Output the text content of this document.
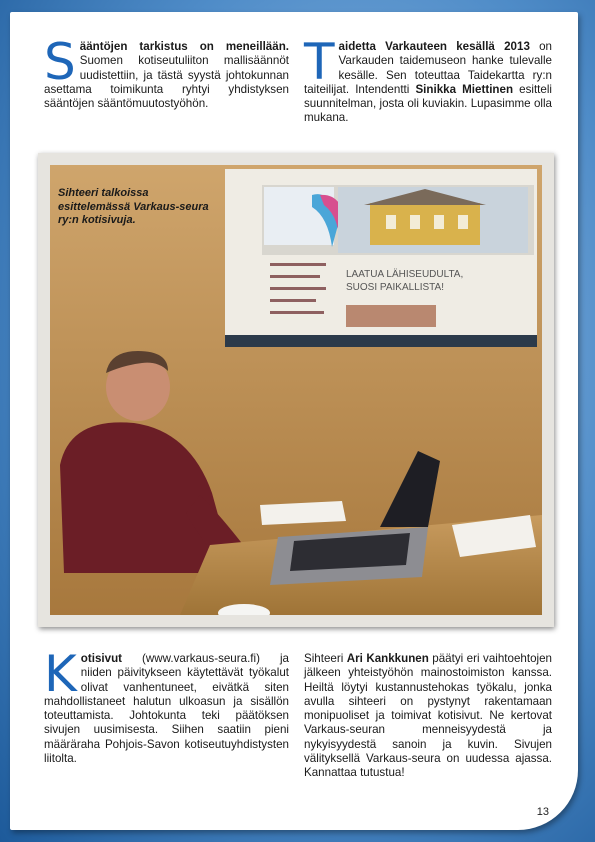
Sääntöjen tarkistus on meneillään. Suomen kotiseutuliiton mallisäännöt uudistettiin, ja tästä syystä johtokunnan asettama toimikunta ryhtyi yhdistyksen sääntöjen sääntömuutostyöhön.
Taidetta Varkauteen kesällä 2013 on Varkauden taidemuseon hanke tulevalle kesälle. Sen toteuttaa Taidekartta ry:n taiteilijat. Intendentti Sinikka Miettinen esitteli suunnitelman, josta oli kuviakin. Lupasimme olla mukana.
LAATUA LÄHISEUDULTA, SUOSI PAIKALLISTA!
Sihteeri talkoissa esittelemässä Varkaus-seura ry:n kotisivuja.
Kotisivut (www.varkaus-seura.fi) ja niiden päivitykseen käytettävät työkalut olivat vanhentuneet, eivätkä siten mahdollistaneet halutun ulkoasun ja sisällön toteuttamista. Johtokunta teki päätöksen sivujen uusimisesta. Siihen saatiin pieni määräraha Pohjois-Savon kotiseutuyhdistysten liitolta.
Sihteeri Ari Kankkunen päätyi eri vaihtoehtojen jälkeen yhteistyöhön mainostoimiston kanssa. Heiltä löytyi kustannustehokas työkalu, jonka avulla sihteeri on pystynyt rakentamaan monipuoliset ja toimivat kotisivut. Ne kertovat Varkaus-seuran menneisyydestä ja nykyisyydestä sanoin ja kuvin. Sivujen välityksellä Varkaus-seura on uudessa ajassa. Kannattaa tutustua!
13
